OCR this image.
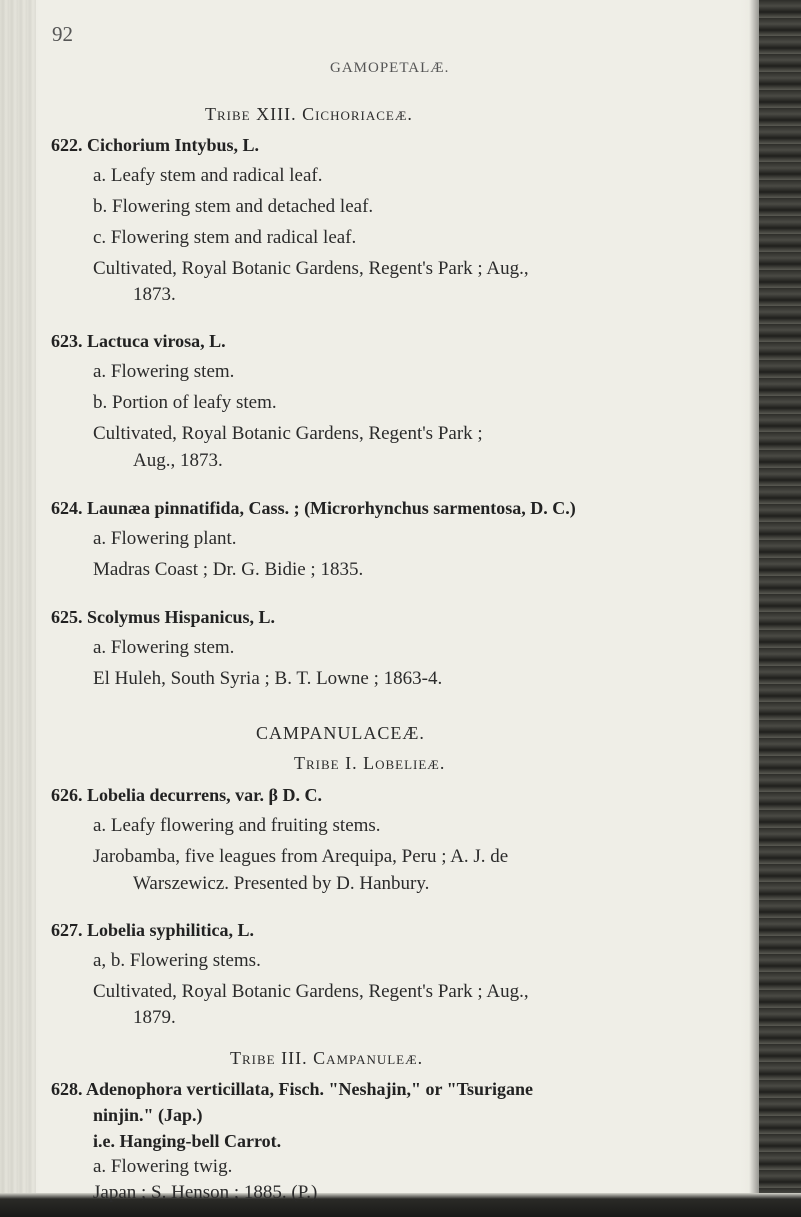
92
GAMOPETALÆ.
Tribe XIII. Cichoriaceæ.
622. Cichorium Intybus, L.
a. Leafy stem and radical leaf.
b. Flowering stem and detached leaf.
c. Flowering stem and radical leaf.
Cultivated, Royal Botanic Gardens, Regent's Park ; Aug.,
1873.
623. Lactuca virosa, L.
a. Flowering stem.
b. Portion of leafy stem.
Cultivated, Royal Botanic Gardens, Regent's Park ;
Aug., 1873.
624. Launæa pinnatifida, Cass. ; (Microrhynchus sarmentosa, D. C.)
a. Flowering plant.
Madras Coast ; Dr. G. Bidie ; 1835.
625. Scolymus Hispanicus, L.
a. Flowering stem.
El Huleh, South Syria ; B. T. Lowne ; 1863-4.
CAMPANULACEÆ.
Tribe I. Lobelieæ.
626. Lobelia decurrens, var. β D. C.
a. Leafy flowering and fruiting stems.
Jarobamba, five leagues from Arequipa, Peru ; A. J. de
Warszewicz. Presented by D. Hanbury.
627. Lobelia syphilitica, L.
a, b. Flowering stems.
Cultivated, Royal Botanic Gardens, Regent's Park ; Aug.,
1879.
Tribe III. Campanuleæ.
628. Adenophora verticillata, Fisch. "Neshajin," or "Tsurigane
ninjin." (Jap.)
i.e. Hanging-bell Carrot.
a. Flowering twig.
Japan ; S. Henson ; 1885. (P.)
